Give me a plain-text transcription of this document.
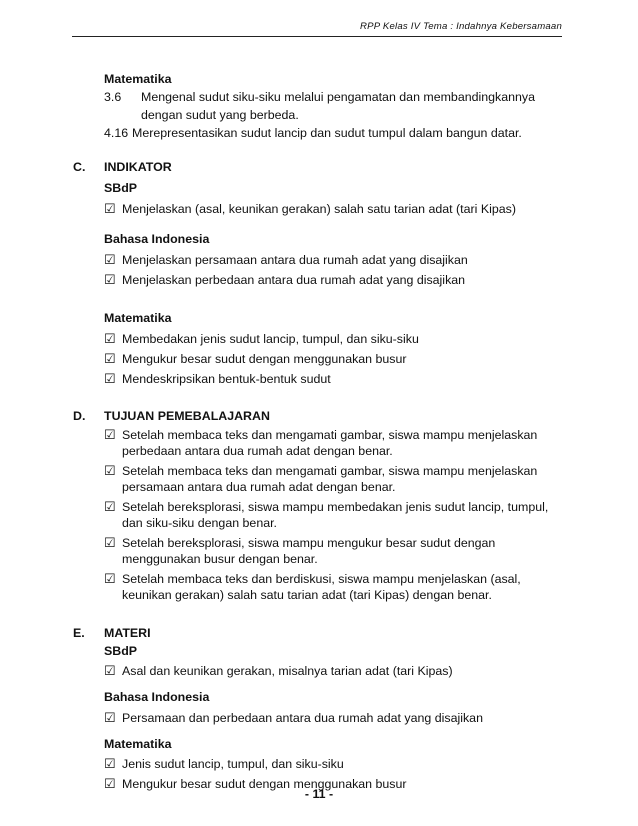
RPP Kelas IV Tema : Indahnya Kebersamaan
Matematika
3.6 Mengenal sudut siku-siku melalui pengamatan dan membandingkannya
dengan sudut yang berbeda.
4.16 Merepresentasikan sudut lancip dan sudut tumpul dalam bangun datar.
C. INDIKATOR
SBdP
☑ Menjelaskan (asal, keunikan gerakan) salah satu tarian adat (tari Kipas)
Bahasa Indonesia
☑ Menjelaskan persamaan antara dua rumah adat yang disajikan
☑ Menjelaskan perbedaan antara dua rumah adat yang disajikan
Matematika
☑ Membedakan jenis sudut lancip, tumpul, dan siku-siku
☑ Mengukur besar sudut dengan menggunakan busur
☑ Mendeskripsikan bentuk-bentuk sudut
D. TUJUAN PEMEBALAJARAN
☑ Setelah membaca teks dan mengamati gambar, siswa mampu menjelaskan
perbedaan antara dua rumah adat dengan benar.
☑ Setelah membaca teks dan mengamati gambar, siswa mampu menjelaskan
persamaan antara dua rumah adat dengan benar.
☑ Setelah bereksplorasi, siswa mampu membedakan jenis sudut lancip, tumpul,
dan siku-siku dengan benar.
☑ Setelah bereksplorasi, siswa mampu mengukur besar sudut dengan
menggunakan busur dengan benar.
☑ Setelah membaca teks dan berdiskusi, siswa mampu menjelaskan (asal,
keunikan gerakan) salah satu tarian adat (tari Kipas) dengan benar.
E. MATERI
SBdP
☑ Asal dan keunikan gerakan, misalnya tarian adat (tari Kipas)
Bahasa Indonesia
☑ Persamaan dan perbedaan antara dua rumah adat yang disajikan
Matematika
☑ Jenis sudut lancip, tumpul, dan siku-siku
☑ Mengukur besar sudut dengan menggunakan busur
- 11 -
